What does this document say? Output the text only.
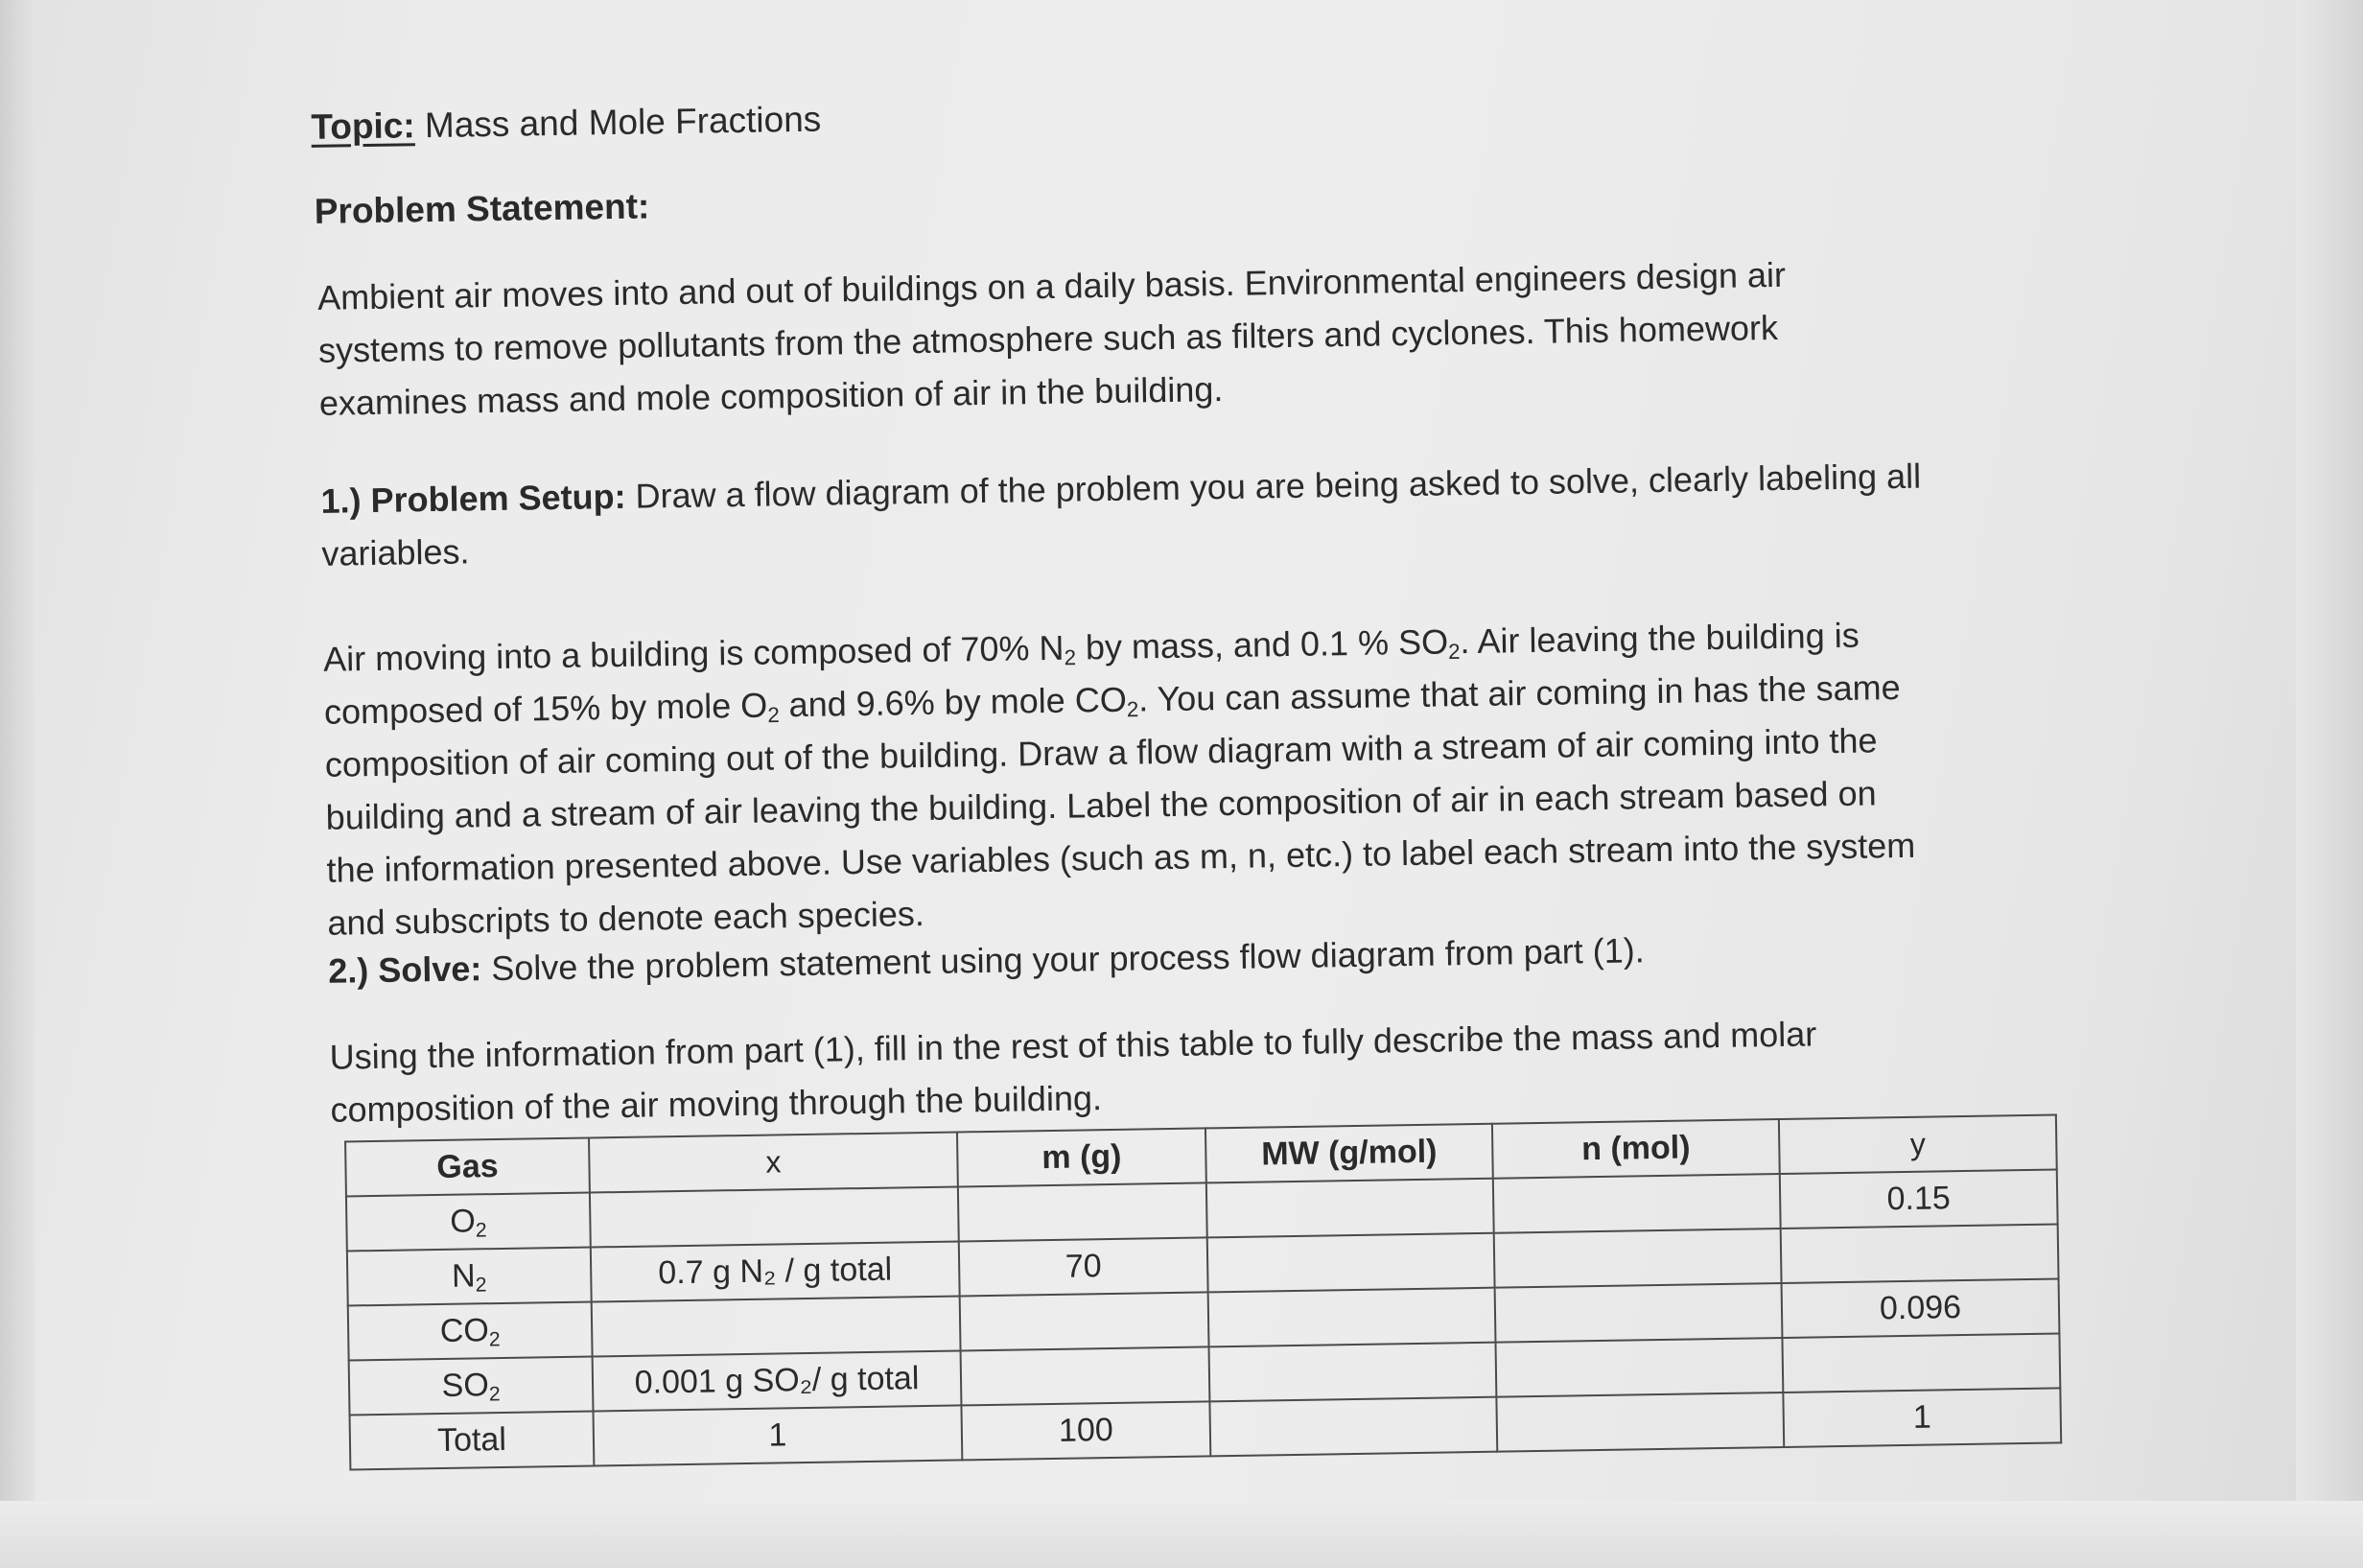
Topic: Mass and Mole Fractions
Problem Statement:

Ambient air moves into and out of buildings on a daily basis. Environmental engineers design air
systems to remove pollutants from the atmosphere such as filters and cyclones. This homework
examines mass and mole composition of air in the building.

1.) Problem Setup: Draw a flow diagram of the problem you are being asked to solve, clearly labeling all
variables.

Air moving into a building is composed of 70% $N_2$ by mass, and 0.1 % $SO_2$. Air leaving the building is
composed of 15% by mole $O_2$ and 9.6% by mole $CO_2$. You can assume that air coming in has the same
composition of air coming out of the building. Draw a flow diagram with a stream of air coming into the
building and a stream of air leaving the building. Label the composition of air in each stream based on
the information presented above. Use variables (such as m, n, etc.) to label each stream into the system
and subscripts to denote each species.

2.) Solve: Solve the problem statement using your process flow diagram from part (1).

Using the information from part (1), fill in the rest of this table to fully describe the mass and molar
composition of the air moving through the building.

Gas	x	m (g)	MW (g/mol)	n (mol)	y
$O_2$					0.15
$N_2$	0.7 g N₂ / g total	70			
$CO_2$					0.096
$SO_2$	0.001 g SO₂/ g total				
Total	1	100			1
